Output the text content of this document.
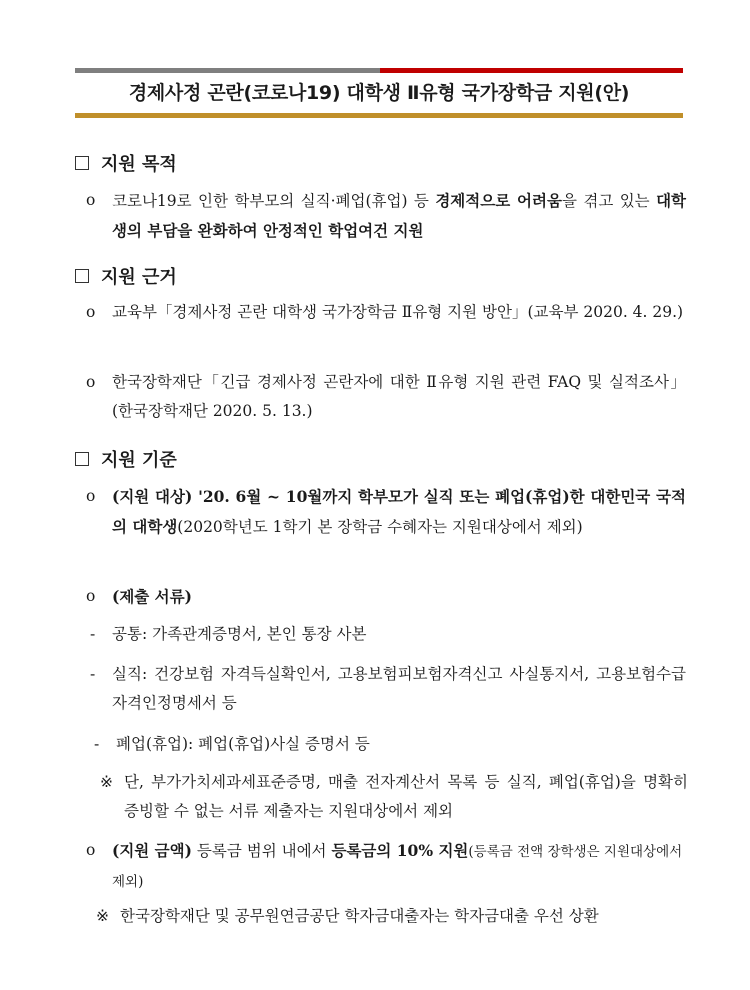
경제사정 곤란(코로나19) 대학생 Ⅱ유형 국가장학금 지원(안)
지원 목적
o 코로나19로 인한 학부모의 실직·폐업(휴업) 등 경제적으로 어려움을 겪고 있는 대학생의 부담을 완화하여 안정적인 학업여건 지원
지원 근거
o 교육부「경제사정 곤란 대학생 국가장학금 Ⅱ유형 지원 방안」(교육부 2020. 4. 29.)
o 한국장학재단「긴급 경제사정 곤란자에 대한 Ⅱ유형 지원 관련 FAQ 및 실적조사」(한국장학재단 2020. 5. 13.)
지원 기준
o (지원 대상) '20. 6월 ~ 10월까지 학부모가 실직 또는 폐업(휴업)한 대한민국 국적의 대학생(2020학년도 1학기 본 장학금 수혜자는 지원대상에서 제외)
o (제출 서류)
- 공통: 가족관계증명서, 본인 통장 사본
- 실직: 건강보험 자격득실확인서, 고용보험피보험자격신고 사실통지서, 고용보험수급자격인정명세서 등
- 폐업(휴업): 폐업(휴업)사실 증명서 등
※ 단, 부가가치세과세표준증명, 매출 전자계산서 목록 등 실직, 폐업(휴업)을 명확히 증빙할 수 없는 서류 제출자는 지원대상에서 제외
o (지원 금액) 등록금 범위 내에서 등록금의 10% 지원(등록금 전액 장학생은 지원대상에서 제외)
※ 한국장학재단 및 공무원연금공단 학자금대출자는 학자금대출 우선 상환
